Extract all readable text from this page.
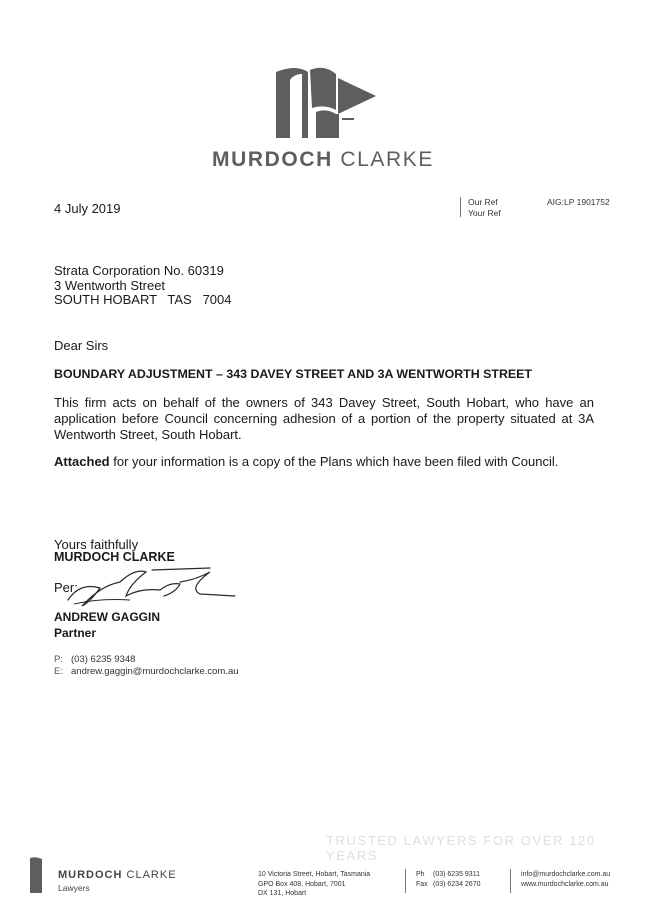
MURDOCH CLARKE
4 July 2019	Our Ref
Your Ref
AIG:LP 1901752
Strata Corporation No. 60319
3 Wentworth Street
SOUTH HOBART   TAS   7004
Dear Sirs
BOUNDARY ADJUSTMENT – 343 DAVEY STREET AND 3A WENTWORTH STREET
This firm acts on behalf of the owners of 343 Davey Street, South Hobart, who have an application before Council concerning adhesion of a portion of the property situated at 3A Wentworth Street, South Hobart.
Attached for your information is a copy of the Plans which have been filed with Council.
Yours faithfully
MURDOCH CLARKE
Per:
ANDREW GAGGIN
Partner
P: (03) 6235 9348
E: andrew.gaggin@murdochclarke.com.au
TRUSTED LAWYERS FOR OVER 120 YEARS
MURDOCH CLARKE
Lawyers
10 Victoria Street, Hobart, Tasmania
GPO Box 408, Hobart, 7001
DX 131, Hobart
Ph (03) 6235 9311
Fax (03) 6234 2670
info@murdochclarke.com.au
www.murdochclarke.com.au
